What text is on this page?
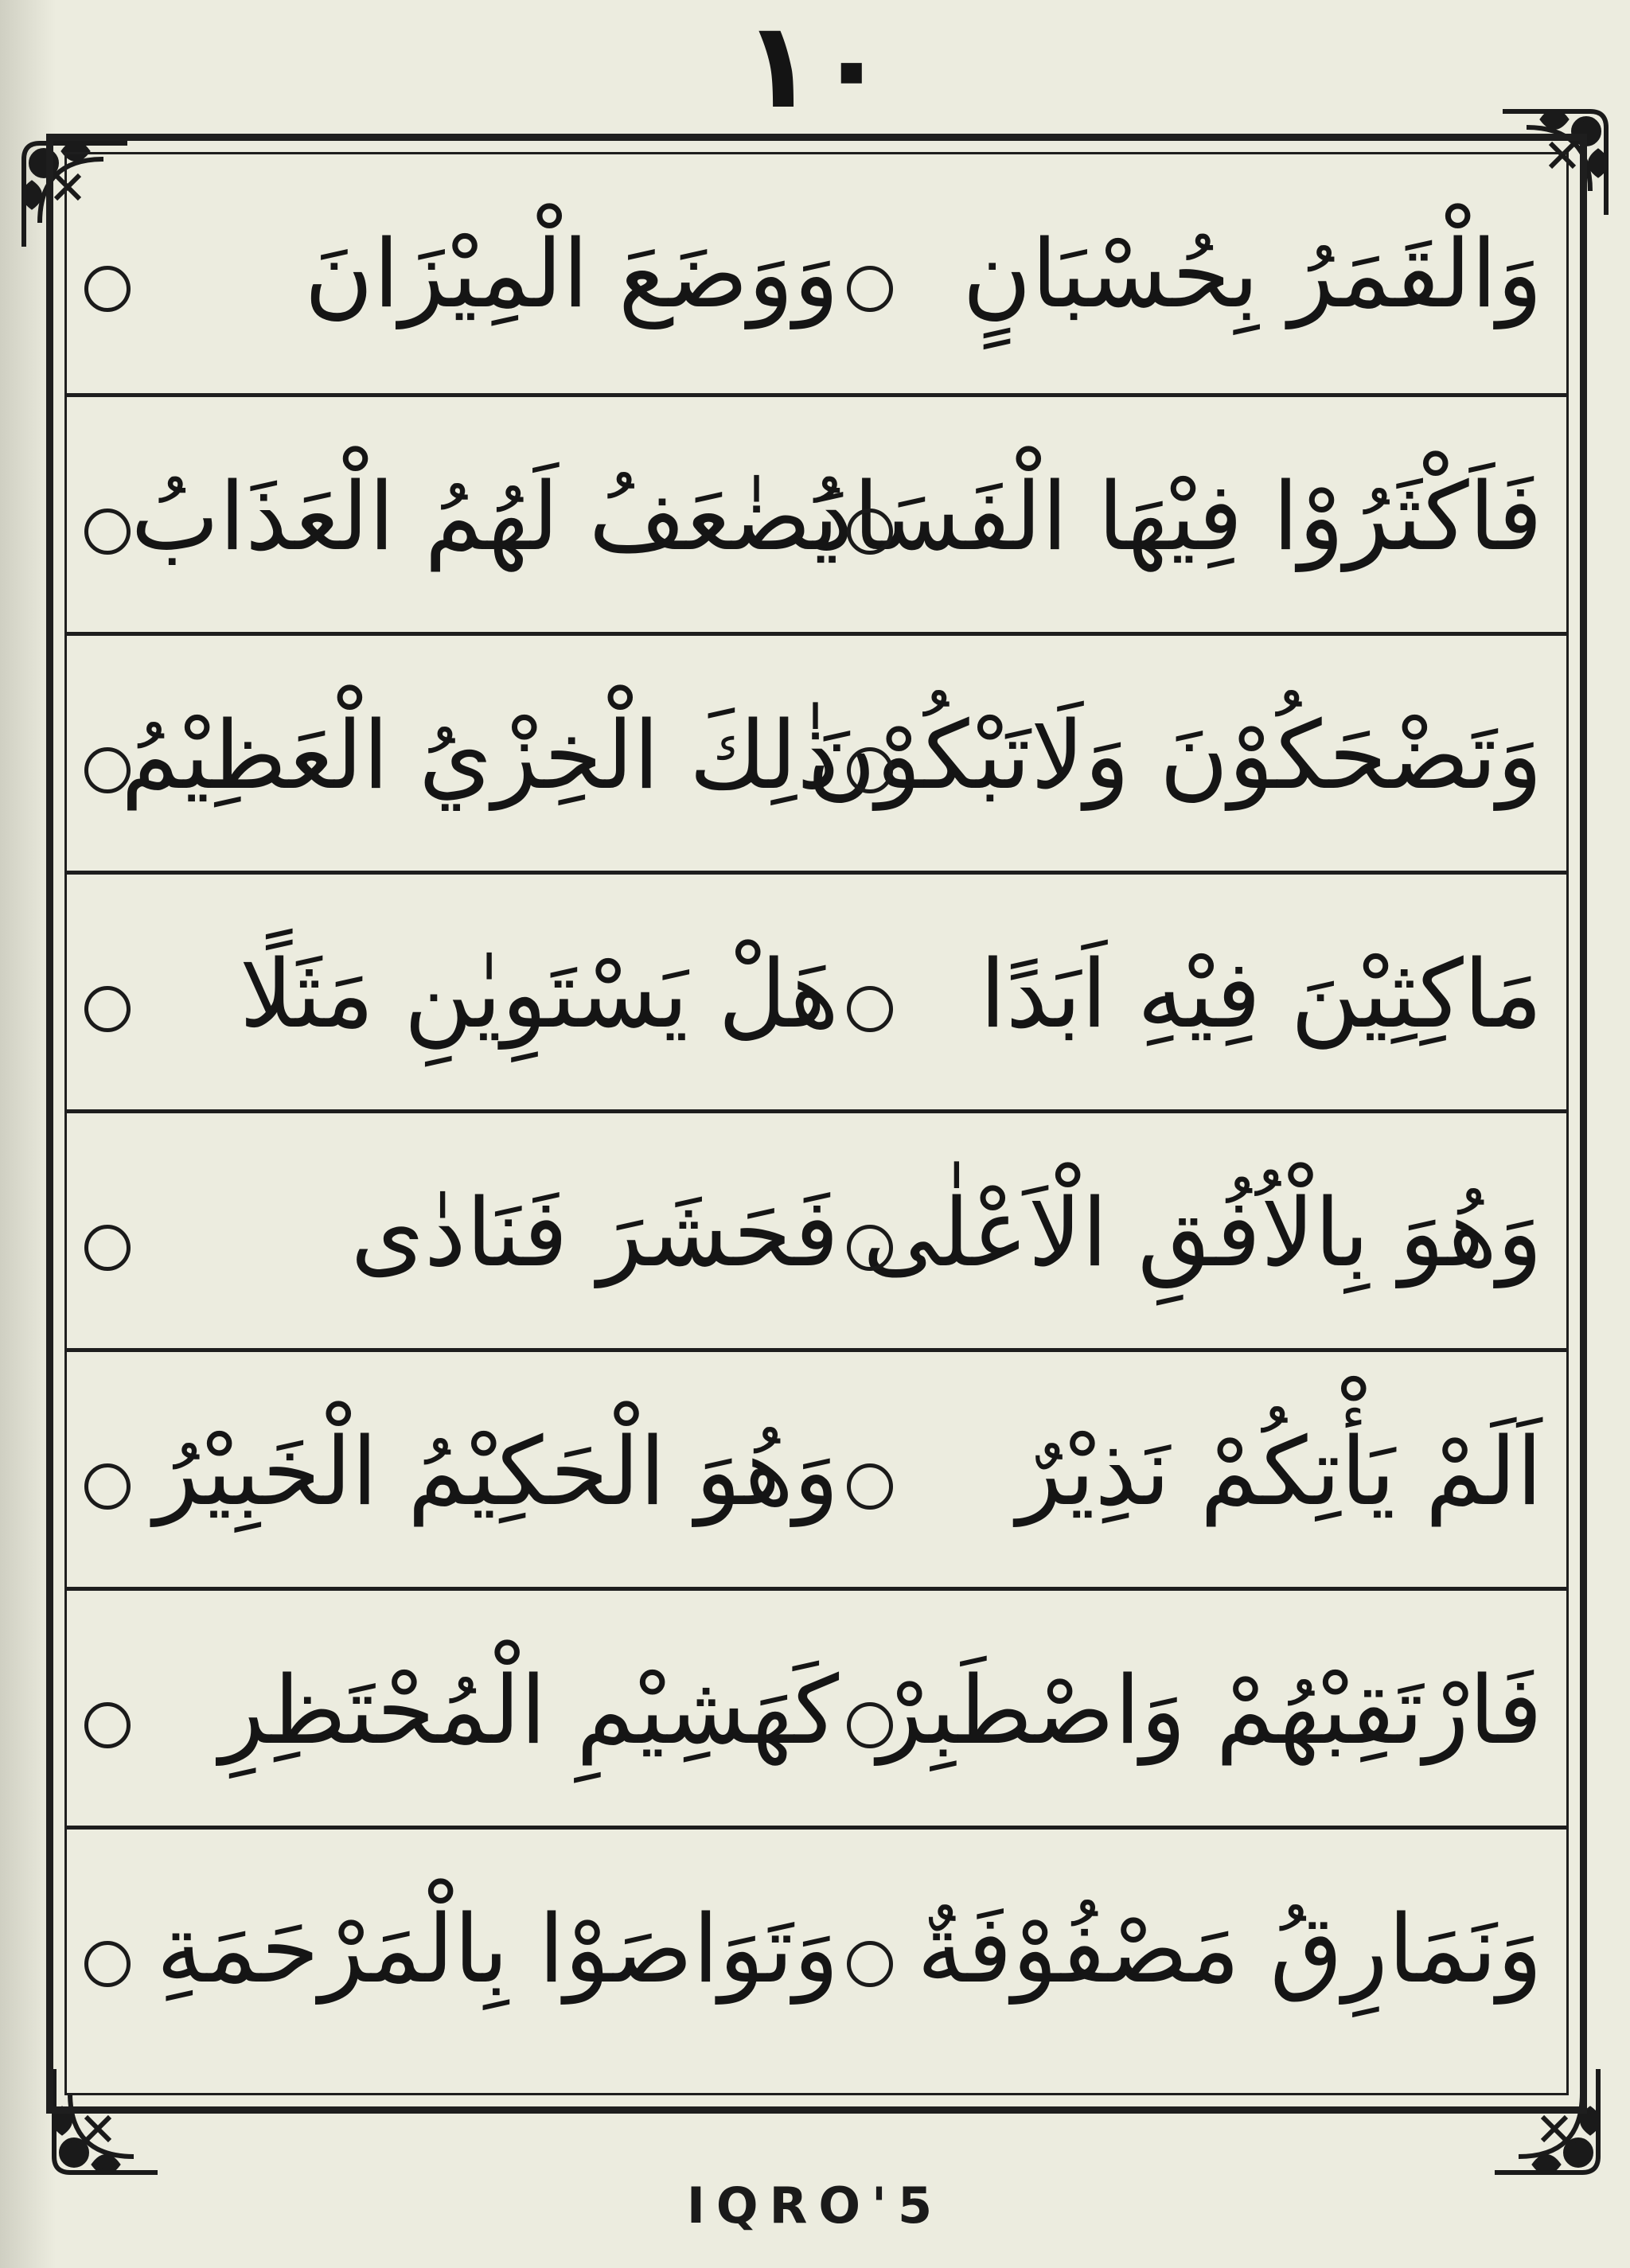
١٠
وَالْقَمَرُ بِحُسْبَانٍ
وَوَضَعَ الْمِيْزَانَ
فَاَكْثَرُوْا فِيْهَا الْفَسَادَ
يُضٰعَفُ لَهُمُ الْعَذَابُ
وَتَضْحَكُوْنَ وَلَاتَبْكُوْنَ
ذٰلِكَ الْخِزْيُ الْعَظِيْمُ
مَاكِثِيْنَ فِيْهِ اَبَدًا
هَلْ يَسْتَوِيٰنِ مَثَلًا
وَهُوَ بِالْاُفُقِ الْاَعْلٰى
فَحَشَرَ فَنَادٰى
اَلَمْ يَأْتِكُمْ نَذِيْرٌ
وَهُوَ الْحَكِيْمُ الْخَبِيْرُ
فَارْتَقِبْهُمْ وَاصْطَبِرْ
كَهَشِيْمِ الْمُحْتَظِرِ
وَنَمَارِقُ مَصْفُوْفَةٌ
وَتَوَاصَوْا بِالْمَرْحَمَةِ
IQRO'5
